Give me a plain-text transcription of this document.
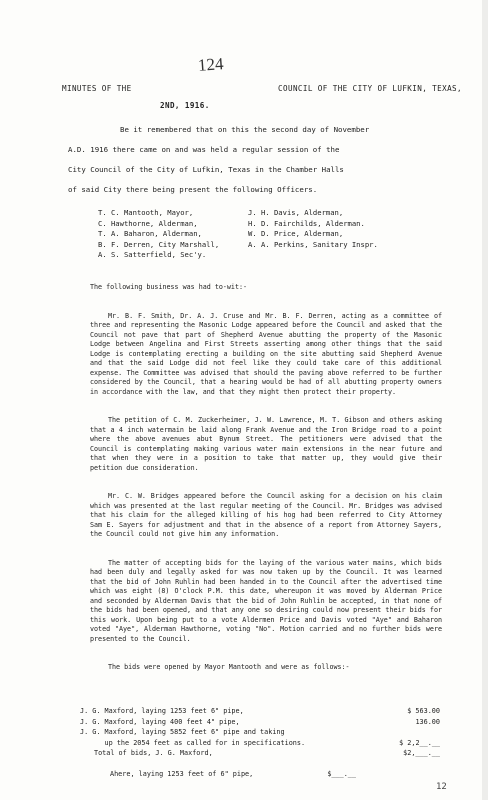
124
MINUTES OF THE	COUNCIL OF THE CITY OF LUFKIN, TEXAS,
2ND, 1916.
Be it remembered that on this the second day of November
A.D. 1916 there came on and was held a regular session of the
City Council of the City of Lufkin, Texas in the Chamber Halls
of said City there being present the following Officers.
T. C. Mantooth, Mayor,	J. H. Davis, Alderman,
C. Hawthorne, Alderman,	H. D. Fairchilds, Alderman.
T. A. Baharon, Alderman,	W. D. Price, Alderman,
B. F. Derren, City Marshall,	A. A. Perkins, Sanitary Inspr.
A. S. Satterfield, Sec'y.

The following business was had to-wit:-

Mr. B. F. Smith, Dr. A. J. Cruse and Mr. B. F. Derren, acting as a committee of three and representing the Masonic Lodge appeared before the Council and asked that the Council not pave that part of Shepherd Avenue abutting the property of the Masonic Lodge between Angelina and First Streets asserting among other things that the said Lodge is contemplating erecting a building on the site abutting said Shepherd Avenue and that the said Lodge did not feel like they could take care of this additional expense. The Committee was advised that should the paving above referred to be further considered by the Council, that a hearing would be had of all abutting property owners in accordance with the law, and that they might then protect their property.

The petition of C. M. Zuckerheimer, J. W. Lawrence, M. T. Gibson and others asking that a 4 inch watermain be laid along Frank Avenue and the Iron Bridge road to a point where the above avenues abut Bynum Street. The petitioners were advised that the Council is contemplating making various water main extensions in the near future and that when they were in a position to take that matter up, they would give their petition due consideration.

Mr. C. W. Bridges appeared before the Council asking for a decision on his claim which was presented at the last regular meeting of the Council. Mr. Bridges was advised that his claim for the alleged killing of his hog had been referred to City Attorney Sam E. Sayers for adjustment and that in the absence of a report from Attorney Sayers, the Council could not give him any information.

The matter of accepting bids for the laying of the various water mains, which bids had been duly and legally asked for was now taken up by the Council. It was learned that the bid of John Ruhlin had been handed in to the Council after the advertised time which was eight (8) O'clock P.M. this date, whereupon it was moved by Alderman Price and seconded by Alderman Davis that the bid of John Ruhlin be accepted, in that none of the bids had been opened, and that any one so desiring could now present their bids for this work. Upon being put to a vote Aldermen Price and Davis voted "Aye" and Baharon voted "Aye", Alderman Hawthorne, voting "No". Motion carried and no further bids were presented to the Council.

The bids were opened by Mayor Mantooth and were as follows:-

J. G. Maxford, laying 1253 feet 6" pipe,	$ 563.00
J. G. Maxford, laying 400 feet 4" pipe,	136.00
J. G. Maxford, laying 5852 feet 6" pipe and taking
up the 2054 feet as called for in specifications.	$ 2,2__.__
Total of bids, J. G. Maxford,	$2,___.__
Ahere, laying 1253 feet of 6" pipe,	$___.__
12
